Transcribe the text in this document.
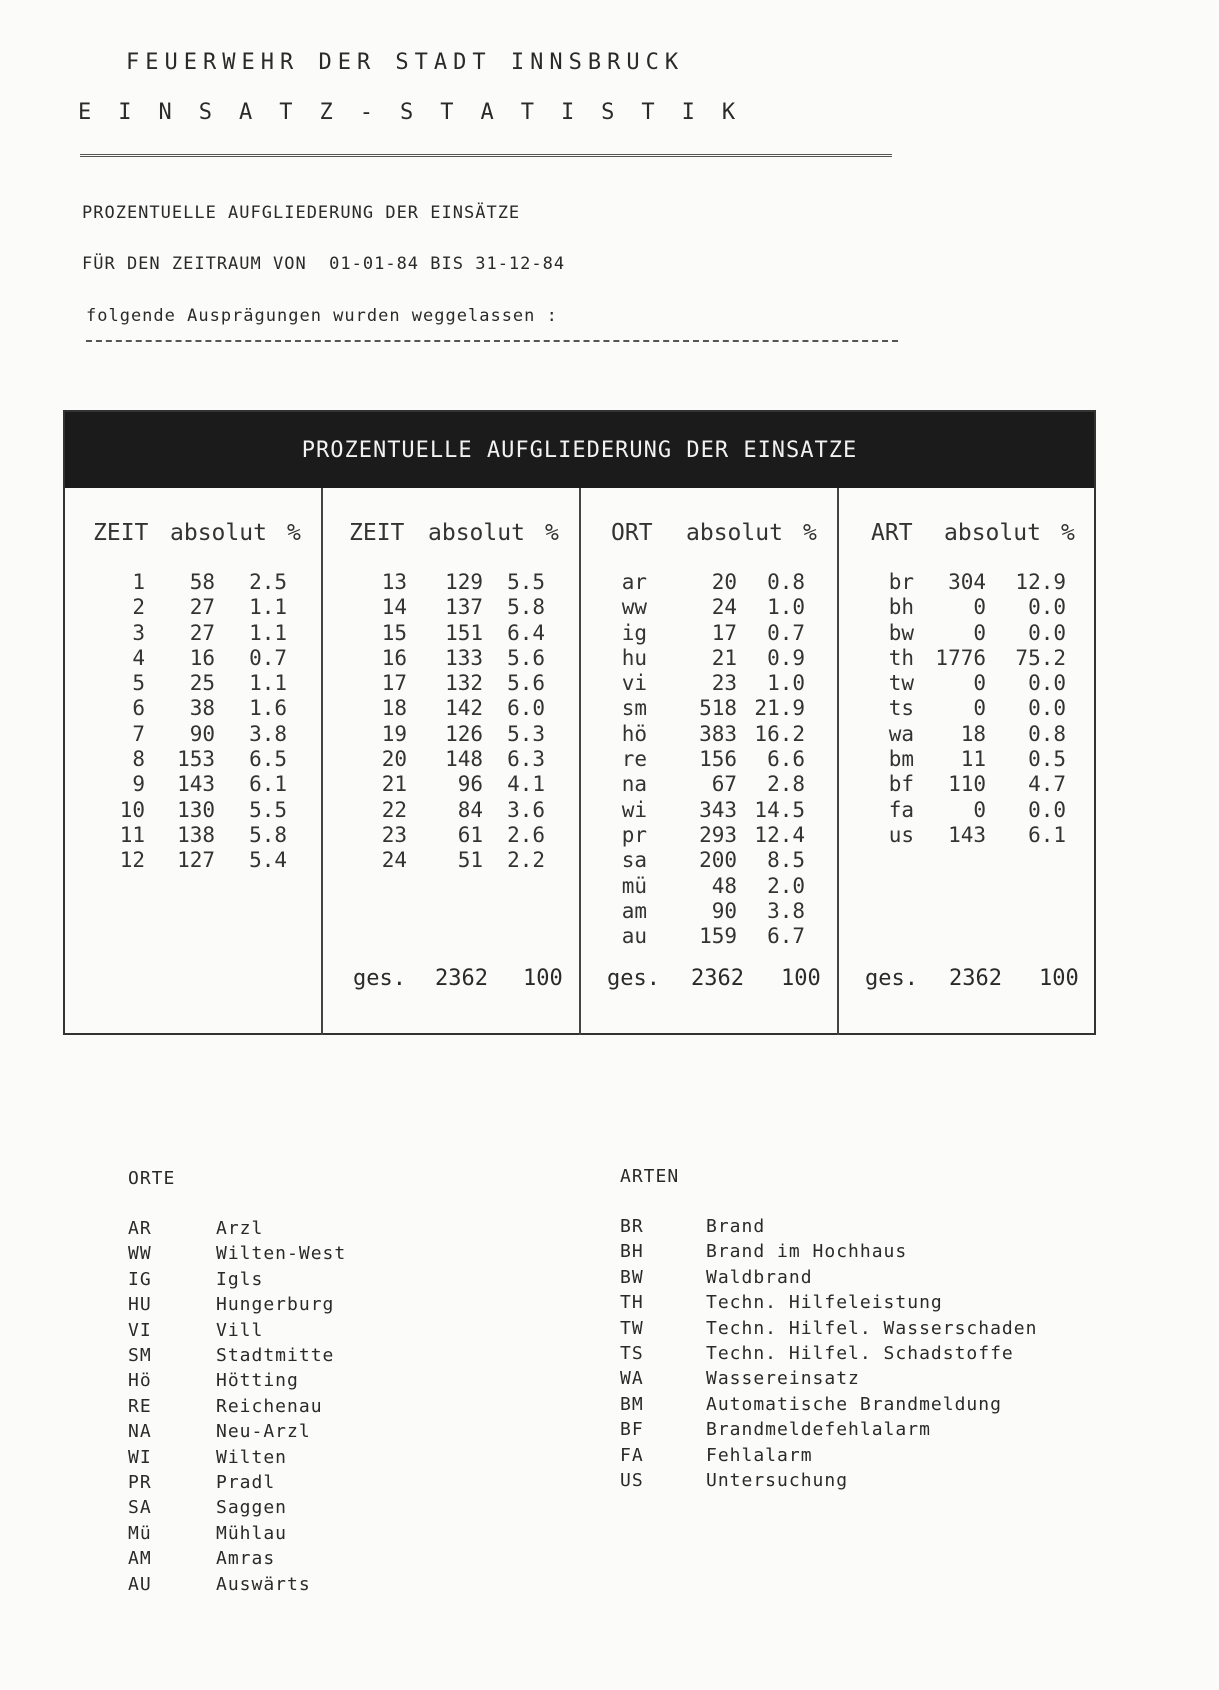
FEUERWEHR DER STADT INNSBRUCK
EINSATZ-STATISTIK
PROZENTUELLE AUFGLIEDERUNG DER EINSÄTZE
FÜR DEN ZEITRAUM VON  01-01-84 BIS 31-12-84
folgende Ausprägungen wurden weggelassen :
PROZENTUELLE AUFGLIEDERUNG DER EINSATZE
ZEIT absolut %
1 58 2.5
2 27 1.1
3 27 1.1
4 16 0.7
5 25 1.1
6 38 1.6
7 90 3.8
8 153 6.5
9 143 6.1
10 130 5.5
11 138 5.8
12 127 5.4
ZEIT absolut %
13 129 5.5
14 137 5.8
15 151 6.4
16 133 5.6
17 132 5.6
18 142 6.0
19 126 5.3
20 148 6.3
21 96 4.1
22 84 3.6
23 61 2.6
24 51 2.2
ges. 2362 100
ORT absolut %
ar	20 0.8
ww	24 1.0
ig	17 0.7
hu	21 0.9
vi	23 1.0
sm 518 21.9
hö 383 16.2
re 156 6.6
na	67 2.8
wi 343 14.5
pr 293 12.4
sa 200 8.5
mü	48 2.0
am	90 3.8
au 159 6.7
ges. 2362 100
ART absolut %
br 304 12.9
bh	0 0.0
bw	0 0.0
th 1776 75.2
tw	0 0.0
ts	0 0.0
wa 18 0.8
bm 11 0.5
bf 110 4.7
fa	0 0.0
us 143 6.1
ges. 2362 100
ORTE	ARTEN
AR	Arzl
WW	Wilten-West
IG	Igls
HU	Hungerburg
VI	Vill
SM	Stadtmitte
Hö	Hötting
RE	Reichenau
NA	Neu-Arzl
WI	Wilten
PR	Pradl
SA	Saggen
Mü	Mühlau
AM	Amras
AU	Auswärts
BR	Brand
BH	Brand im Hochhaus
BW	Waldbrand
TH	Techn. Hilfeleistung
TW	Techn. Hilfel. Wasserschaden
TS	Techn. Hilfel. Schadstoffe
WA	Wassereinsatz
BM	Automatische Brandmeldung
BF	Brandmeldefehlalarm
FA	Fehlalarm
US	Untersuchung
